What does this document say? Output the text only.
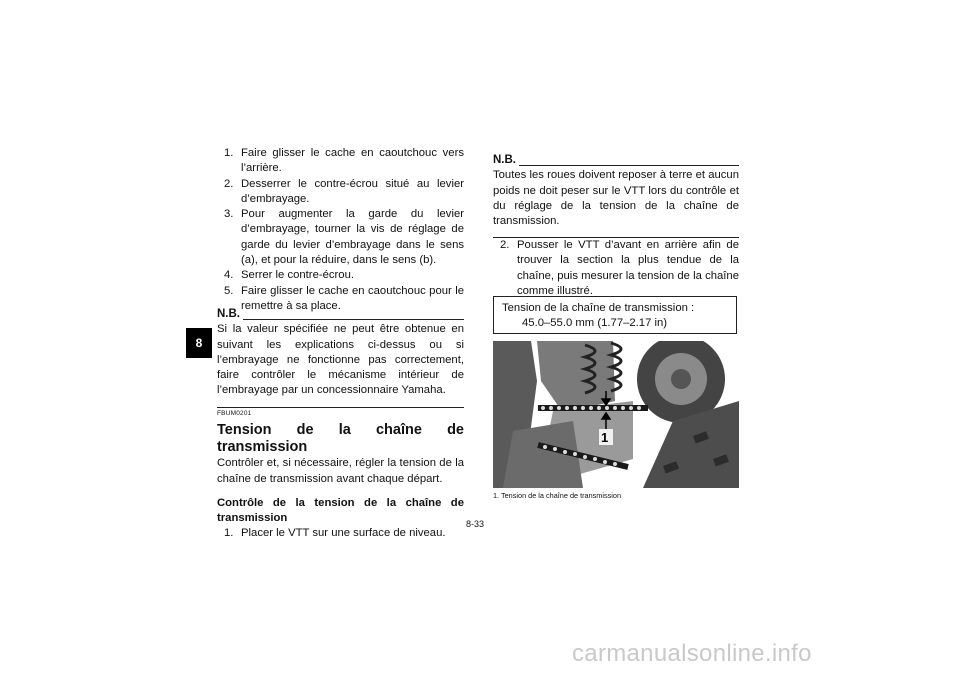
8
1. Faire glisser le cache en caoutchouc vers l’arrière.
2. Desserrer le contre-écrou situé au levier d’embrayage.
3. Pour augmenter la garde du levier d’embrayage, tourner la vis de réglage de garde du levier d’embrayage dans le sens (a), et pour la réduire, dans le sens (b).
4. Serrer le contre-écrou.
5. Faire glisser le cache en caoutchouc pour le remettre à sa place.
N.B.
Si la valeur spécifiée ne peut être obtenue en suivant les explications ci-dessus ou si l’embrayage ne fonctionne pas correctement, faire contrôler le mécanisme intérieur de l’embrayage par un concessionnaire Yamaha.
FBUM0201
Tension de la chaîne de transmission
Contrôler et, si nécessaire, régler la tension de la chaîne de transmission avant chaque départ.
Contrôle de la tension de la chaîne de transmission
1. Placer le VTT sur une surface de niveau.
N.B.
Toutes les roues doivent reposer à terre et aucun poids ne doit peser sur le VTT lors du contrôle et du réglage de la tension de la chaîne de transmission.
2. Pousser le VTT d’avant en arrière afin de trouver la section la plus tendue de la chaîne, puis mesurer la tension de la chaîne comme illustré.
Tension de la chaîne de transmission :
45.0–55.0 mm (1.77–2.17 in)
1
1. Tension de la chaîne de transmission
8-33
carmanualsonline.info
